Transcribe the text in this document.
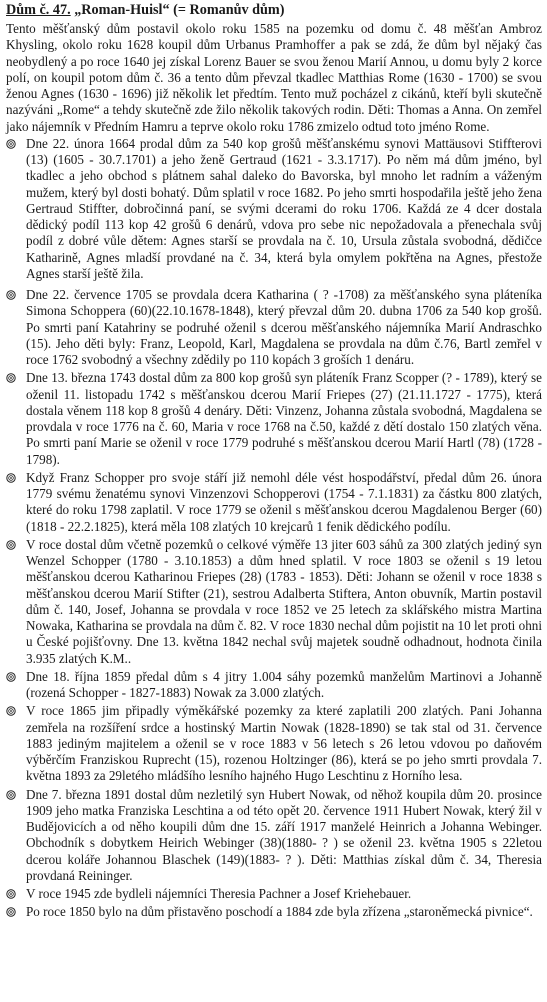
Dům č. 47. „Roman-Huisl“ (= Romanův dům)
Tento měšťanský dům postavil okolo roku 1585 na pozemku od domu č. 48 měšťan Ambroz Khysling, okolo roku 1628 koupil dům Urbanus Pramhoffer a pak se zdá, že dům byl nějaký čas neobydlený a po roce 1640 jej získal Lorenz Bauer se svou ženou Marií Annou, u domu byly 2 korce polí, on koupil potom dům č. 36 a tento dům převzal tkadlec Matthias Rome (1630 - 1700) se svou ženou Agnes (1630 - 1696) již několik let předtím. Tento muž pocházel z cikánů, kteří byli skutečně nazýváni „Rome“ a tehdy skutečně zde žilo několik takových rodin. Děti: Thomas a Anna. On zemřel jako nájemník v Předním Hamru a teprve okolo roku 1786 zmizelo odtud toto jméno Rome.
Dne 22. února 1664 prodal dům za 540 kop grošů měšťanskému synovi Mattäusovi Stiffterovi (13) (1605 - 30.7.1701) a jeho ženě Gertraud (1621 - 3.3.1717). Po něm má dům jméno, byl tkadlec a jeho obchod s plátnem sahal daleko do Bavorska, byl mnoho let radním a váženým mužem, který byl dosti bohatý. Dům splatil v roce 1682. Po jeho smrti hospodařila ještě jeho žena Gertraud Stiffter, dobročinná paní, se svými dcerami do roku 1706. Každá ze 4 dcer dostala dědický podíl 113 kop 42 grošů 6 denárů, vdova pro sebe nic nepožadovala a přenechala svůj podíl z dobré vůle dětem: Agnes starší se provdala na č. 10, Ursula zůstala svobodná, dědičce Katharině, Agnes mladší provdané na č. 34, která byla omylem pokřtěna na Agnes, přestože Agnes starší ještě žila.
Dne 22. července 1705 se provdala dcera Katharina ( ? -1708) za měšťanského syna pláteníka Simona Schoppera (60)(22.10.1678-1848), který převzal dům 20. dubna 1706 za 540 kop grošů. Po smrti paní Katahriny se podruhé oženil s dcerou měšťanského nájemníka Marií Andraschko (15). Jeho děti byly: Franz, Leopold, Karl, Magdalena se provdala na dům č.76, Bartl zemřel v roce 1762 svobodný a všechny zdědily po 110 kopách 3 groších 1 denáru.
Dne 13. března 1743 dostal dům za 800 kop grošů syn pláteník Franz Scopper (? - 1789), který se oženil 11. listopadu 1742 s měšťanskou dcerou Marií Friepes (27) (21.11.1727 - 1775), která dostala věnem 118 kop 8 grošů 4 denáry. Děti: Vinzenz, Johanna zůstala svobodná, Magdalena se provdala v roce 1776 na č. 60, Maria v roce 1768 na č.50, každé z dětí dostalo 150 zlatých věna. Po smrti paní Marie se oženil v roce 1779 podruhé s měšťanskou dcerou Marií Hartl (78) (1728 - 1798).
Když Franz Schopper pro svoje stáří již nemohl déle vést hospodářství, předal dům 26. února 1779 svému ženatému synovi Vinzenzovi Schopperovi (1754 - 7.1.1831) za částku 800 zlatých, které do roku 1798 zaplatil. V roce 1779 se oženil s měšťanskou dcerou Magdalenou Berger (60) (1818 - 22.2.1825), která měla 108 zlatých 10 krejcarů 1 fenik dědického podílu.
V roce dostal dům včetně pozemků o celkové výměře 13 jiter 603 sáhů za 300 zlatých jediný syn Wenzel Schopper (1780 - 3.10.1853) a dům hned splatil. V roce 1803 se oženil s 19 letou měšťanskou dcerou Katharinou Friepes (28) (1783 - 1853). Děti: Johann se oženil v roce 1838 s měšťanskou dcerou Marií Stifter (21), sestrou Adalberta Stiftera, Anton obuvník, Martin postavil dům č. 140, Josef, Johanna se provdala v roce 1852 ve 25 letech za sklářského mistra Martina Nowaka, Katharina se provdala na dům č. 82. V roce 1830 nechal dům pojistit na 10 let proti ohni u České pojišťovny. Dne 13. května 1842 nechal svůj majetek soudně odhadnout, hodnota činila 3.935 zlatých K.M..
Dne 18. října 1859 předal dům s 4 jitry 1.004 sáhy pozemků manželům Martinovi a Johanně (rozená Schopper - 1827-1883) Nowak za 3.000 zlatých.
V roce 1865 jim připadly výměkářské pozemky za které zaplatili 200 zlatých. Pani Johanna zemřela na rozšíření srdce a hostinský Martin Nowak (1828-1890) se tak stal od 31. července 1883 jediným majitelem a oženil se v roce 1883 v 56 letech s 26 letou vdovou po daňovém výběrčím Franziskou Ruprecht (15), rozenou Holtzinger (86), která se po jeho smrti provdala 7. května 1893 za 29letého mládšího lesního hajného Hugo Leschtinu z Horního lesa.
Dne 7. března 1891 dostal dům nezletilý syn Hubert Nowak, od něhož koupila dům 20. prosince 1909 jeho matka Franziska Leschtina a od této opět 20. července 1911 Hubert Nowak, který žil v Budějovicích a od něho koupili dům dne 15. září 1917 manželé Heinrich a Johanna Webinger. Obchodník s dobytkem Heirich Webinger (38)(1880- ? ) se oženil 23. května 1905 s 22letou dcerou koláře Johannou Blaschek (149)(1883- ? ). Děti: Matthias získal dům č. 34, Theresia provdaná Reininger.
V roce 1945 zde bydleli nájemníci Theresia Pachner a Josef Kriehebauer.
Po roce 1850 bylo na dům přistavěno poschodí a 1884 zde byla zřízena „staroněmecká pivnice“.
